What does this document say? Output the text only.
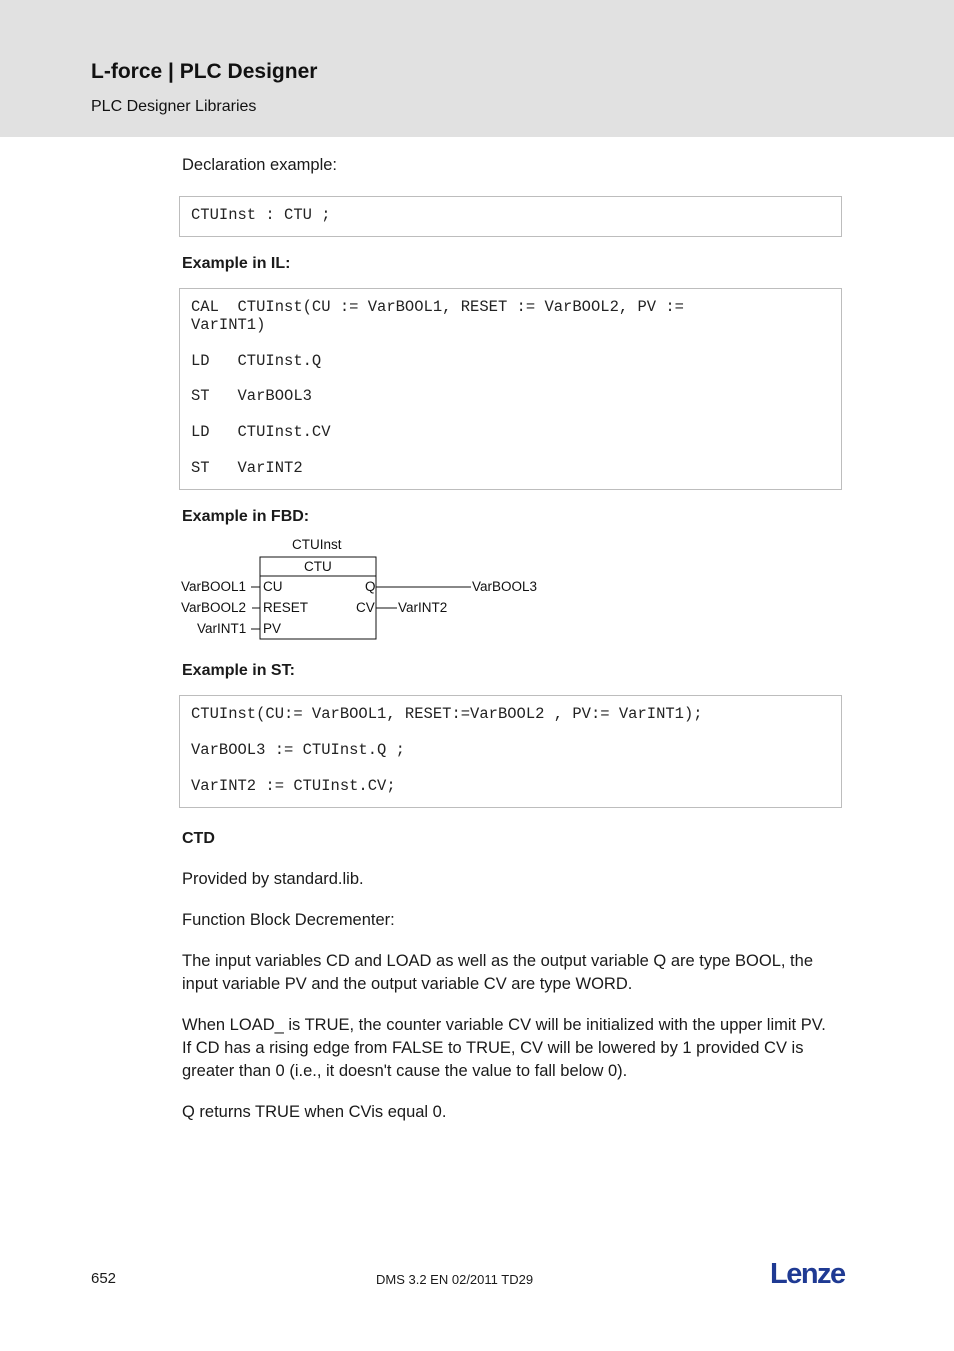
L-force | PLC Designer
PLC Designer Libraries
Declaration example:
CTUInst : CTU ;
Example in IL:
CAL  CTUInst(CU := VarBOOL1, RESET := VarBOOL2, PV :=
VarINT1)
LD   CTUInst.Q
ST   VarBOOL3
LD   CTUInst.CV
ST   VarINT2
Example in FBD:
CTUInst
CTU
VarBOOL1 CU
VarBOOL2 RESET
VarINT1 PV
Q	VarBOOL3
CV VarINT2
Example in ST:
CTUInst(CU:= VarBOOL1, RESET:=VarBOOL2 , PV:= VarINT1);
VarBOOL3 := CTUInst.Q ;
VarINT2 := CTUInst.CV;
CTD
Provided by standard.lib.
Function Block Decrementer:
The input variables CD and LOAD as well as the output variable Q are type BOOL, the input variable PV and the output variable CV are type WORD.
When LOAD_ is TRUE, the counter variable CV will be initialized with the upper limit PV. If CD has a rising edge from FALSE to TRUE, CV will be lowered by 1 provided CV is greater than 0 (i.e., it doesn't cause the value to fall below 0).
Q returns TRUE when CVis equal 0.
652	DMS 3.2 EN 02/2011 TD29	Lenze
